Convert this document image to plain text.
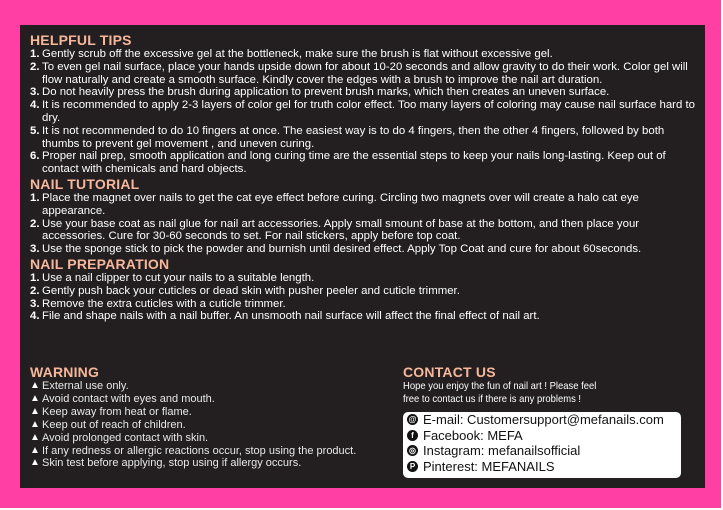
HELPFUL TIPS
1. Gently scrub off the excessive gel at the bottleneck, make sure the brush is flat without excessive gel.
2. To even gel nail surface, place your hands upside down for about 10-20 seconds and allow gravity to do their work. Color gel will flow naturally and create a smooth surface. Kindly cover the edges with a brush to improve the nail art duration.
3. Do not heavily press the brush during application to prevent brush marks, which then creates an uneven surface.
4. It is recommended to apply 2-3 layers of color gel for truth color effect. Too many layers of coloring may cause nail surface hard to dry.
5. It is not recommended to do 10 fingers at once. The easiest way is to do 4 fingers, then the other 4 fingers, followed by both thumbs to prevent gel movement , and uneven curing.
6. Proper nail prep, smooth application and long curing time are the essential steps to keep your nails long-lasting. Keep out of contact with chemicals and hard objects.
NAIL TUTORIAL
1. Place the magnet over nails to get the cat eye effect before curing. Circling two magnets over will create a halo cat eye appearance.
2. Use your base coat as nail glue for nail art accessories. Apply small smount of base at the bottom, and then place your accessories. Cure for 30-60 seconds to set. For nail stickers, apply before top coat.
3. Use the sponge stick to pick the powder and burnish until desired effect. Apply Top Coat and cure for about 60seconds.
NAIL PREPARATION
1. Use a nail clipper to cut your nails to a suitable length.
2. Gently push back your cuticles or dead skin with pusher peeler and cuticle trimmer.
3. Remove the extra cuticles with a cuticle trimmer.
4. File and shape nails with a nail buffer. An unsmooth nail surface will affect the final effect of nail art.
WARNING
▲ External use only.
▲ Avoid contact with eyes and mouth.
▲ Keep away from heat or flame.
▲ Keep out of reach of children.
▲ Avoid prolonged contact with skin.
▲ If any redness or allergic reactions occur, stop using the product.
▲ Skin test before applying, stop using if allergy occurs.
CONTACT US
Hope you enjoy the fun of nail art ! Please feel
free to contact us if there is any problems !
@ E-mail: Customersupport@mefanails.com
f Facebook: MEFA
◎ Instagram: mefanailsofficial
P Pinterest: MEFANAILS
